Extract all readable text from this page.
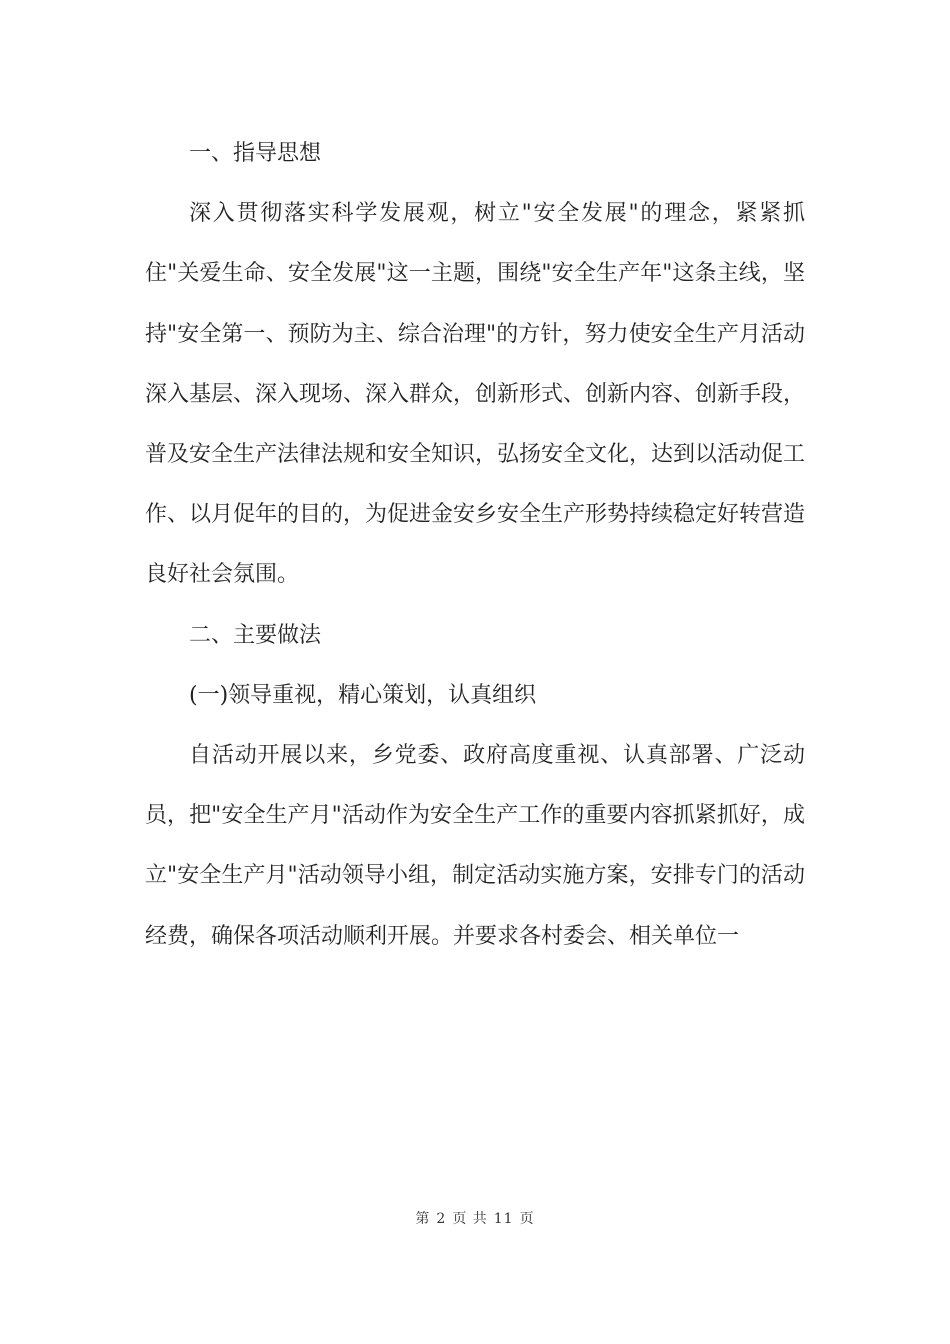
一、指导思想

深入贯彻落实科学发展观，树立"安全发展"的理念，紧紧抓住"关爱生命、安全发展"这一主题，围绕"安全生产年"这条主线，坚持"安全第一、预防为主、综合治理"的方针，努力使安全生产月活动深入基层、深入现场、深入群众，创新形式、创新内容、创新手段，普及安全生产法律法规和安全知识，弘扬安全文化，达到以活动促工作、以月促年的目的，为促进金安乡安全生产形势持续稳定好转营造良好社会氛围。

二、主要做法

(一)领导重视，精心策划，认真组织

自活动开展以来，乡党委、政府高度重视、认真部署、广泛动员，把"安全生产月"活动作为安全生产工作的重要内容抓紧抓好，成立"安全生产月"活动领导小组，制定活动实施方案，安排专门的活动经费，确保各项活动顺利开展。并要求各村委会、相关单位一

第 2 页 共 11 页
